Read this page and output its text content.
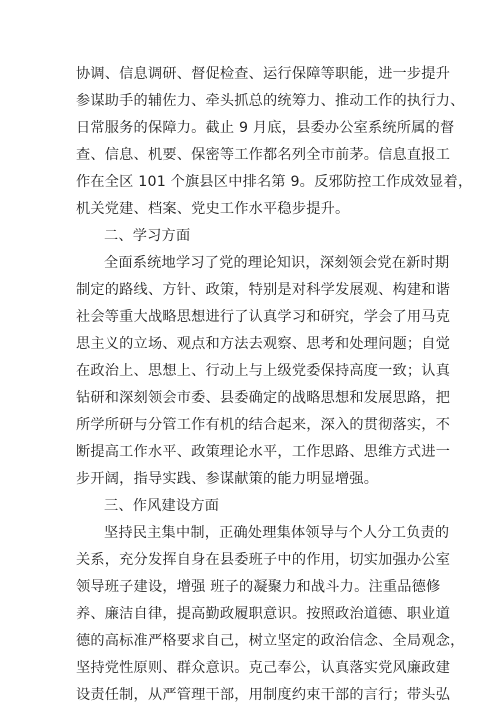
协调、信息调研、督促检查、运行保障等职能，进一步提升
参谋助手的辅佐力、牵头抓总的统筹力、推动工作的执行力、
日常服务的保障力。截止 9 月底，县委办公室系统所属的督
查、信息、机要、保密等工作都名列全市前茅。信息直报工
作在全区 101 个旗县区中排名第 9。反邪防控工作成效显着，
机关党建、档案、党史工作水平稳步提升。
二、学习方面
全面系统地学习了党的理论知识，深刻领会党在新时期
制定的路线、方针、政策，特别是对科学发展观、构建和谐
社会等重大战略思想进行了认真学习和研究，学会了用马克
思主义的立场、观点和方法去观察、思考和处理问题；自觉
在政治上、思想上、行动上与上级党委保持高度一致；认真
钻研和深刻领会市委、县委确定的战略思想和发展思路，把
所学所研与分管工作有机的结合起来，深入的贯彻落实，不
断提高工作水平、政策理论水平，工作思路、思维方式进一
步开阔，指导实践、参谋献策的能力明显增强。
三、作风建设方面
坚持民主集中制，正确处理集体领导与个人分工负责的
关系，充分发挥自身在县委班子中的作用，切实加强办公室
领导班子建设，增强 班子的凝聚力和战斗力。注重品德修
养、廉洁自律，提高勤政履职意识。按照政治道德、职业道
德的高标准严格要求自己，树立坚定的政治信念、全局观念，
坚持党性原则、群众意识。克己奉公，认真落实党风廉政建
设责任制，从严管理干部，用制度约束干部的言行；带头弘
